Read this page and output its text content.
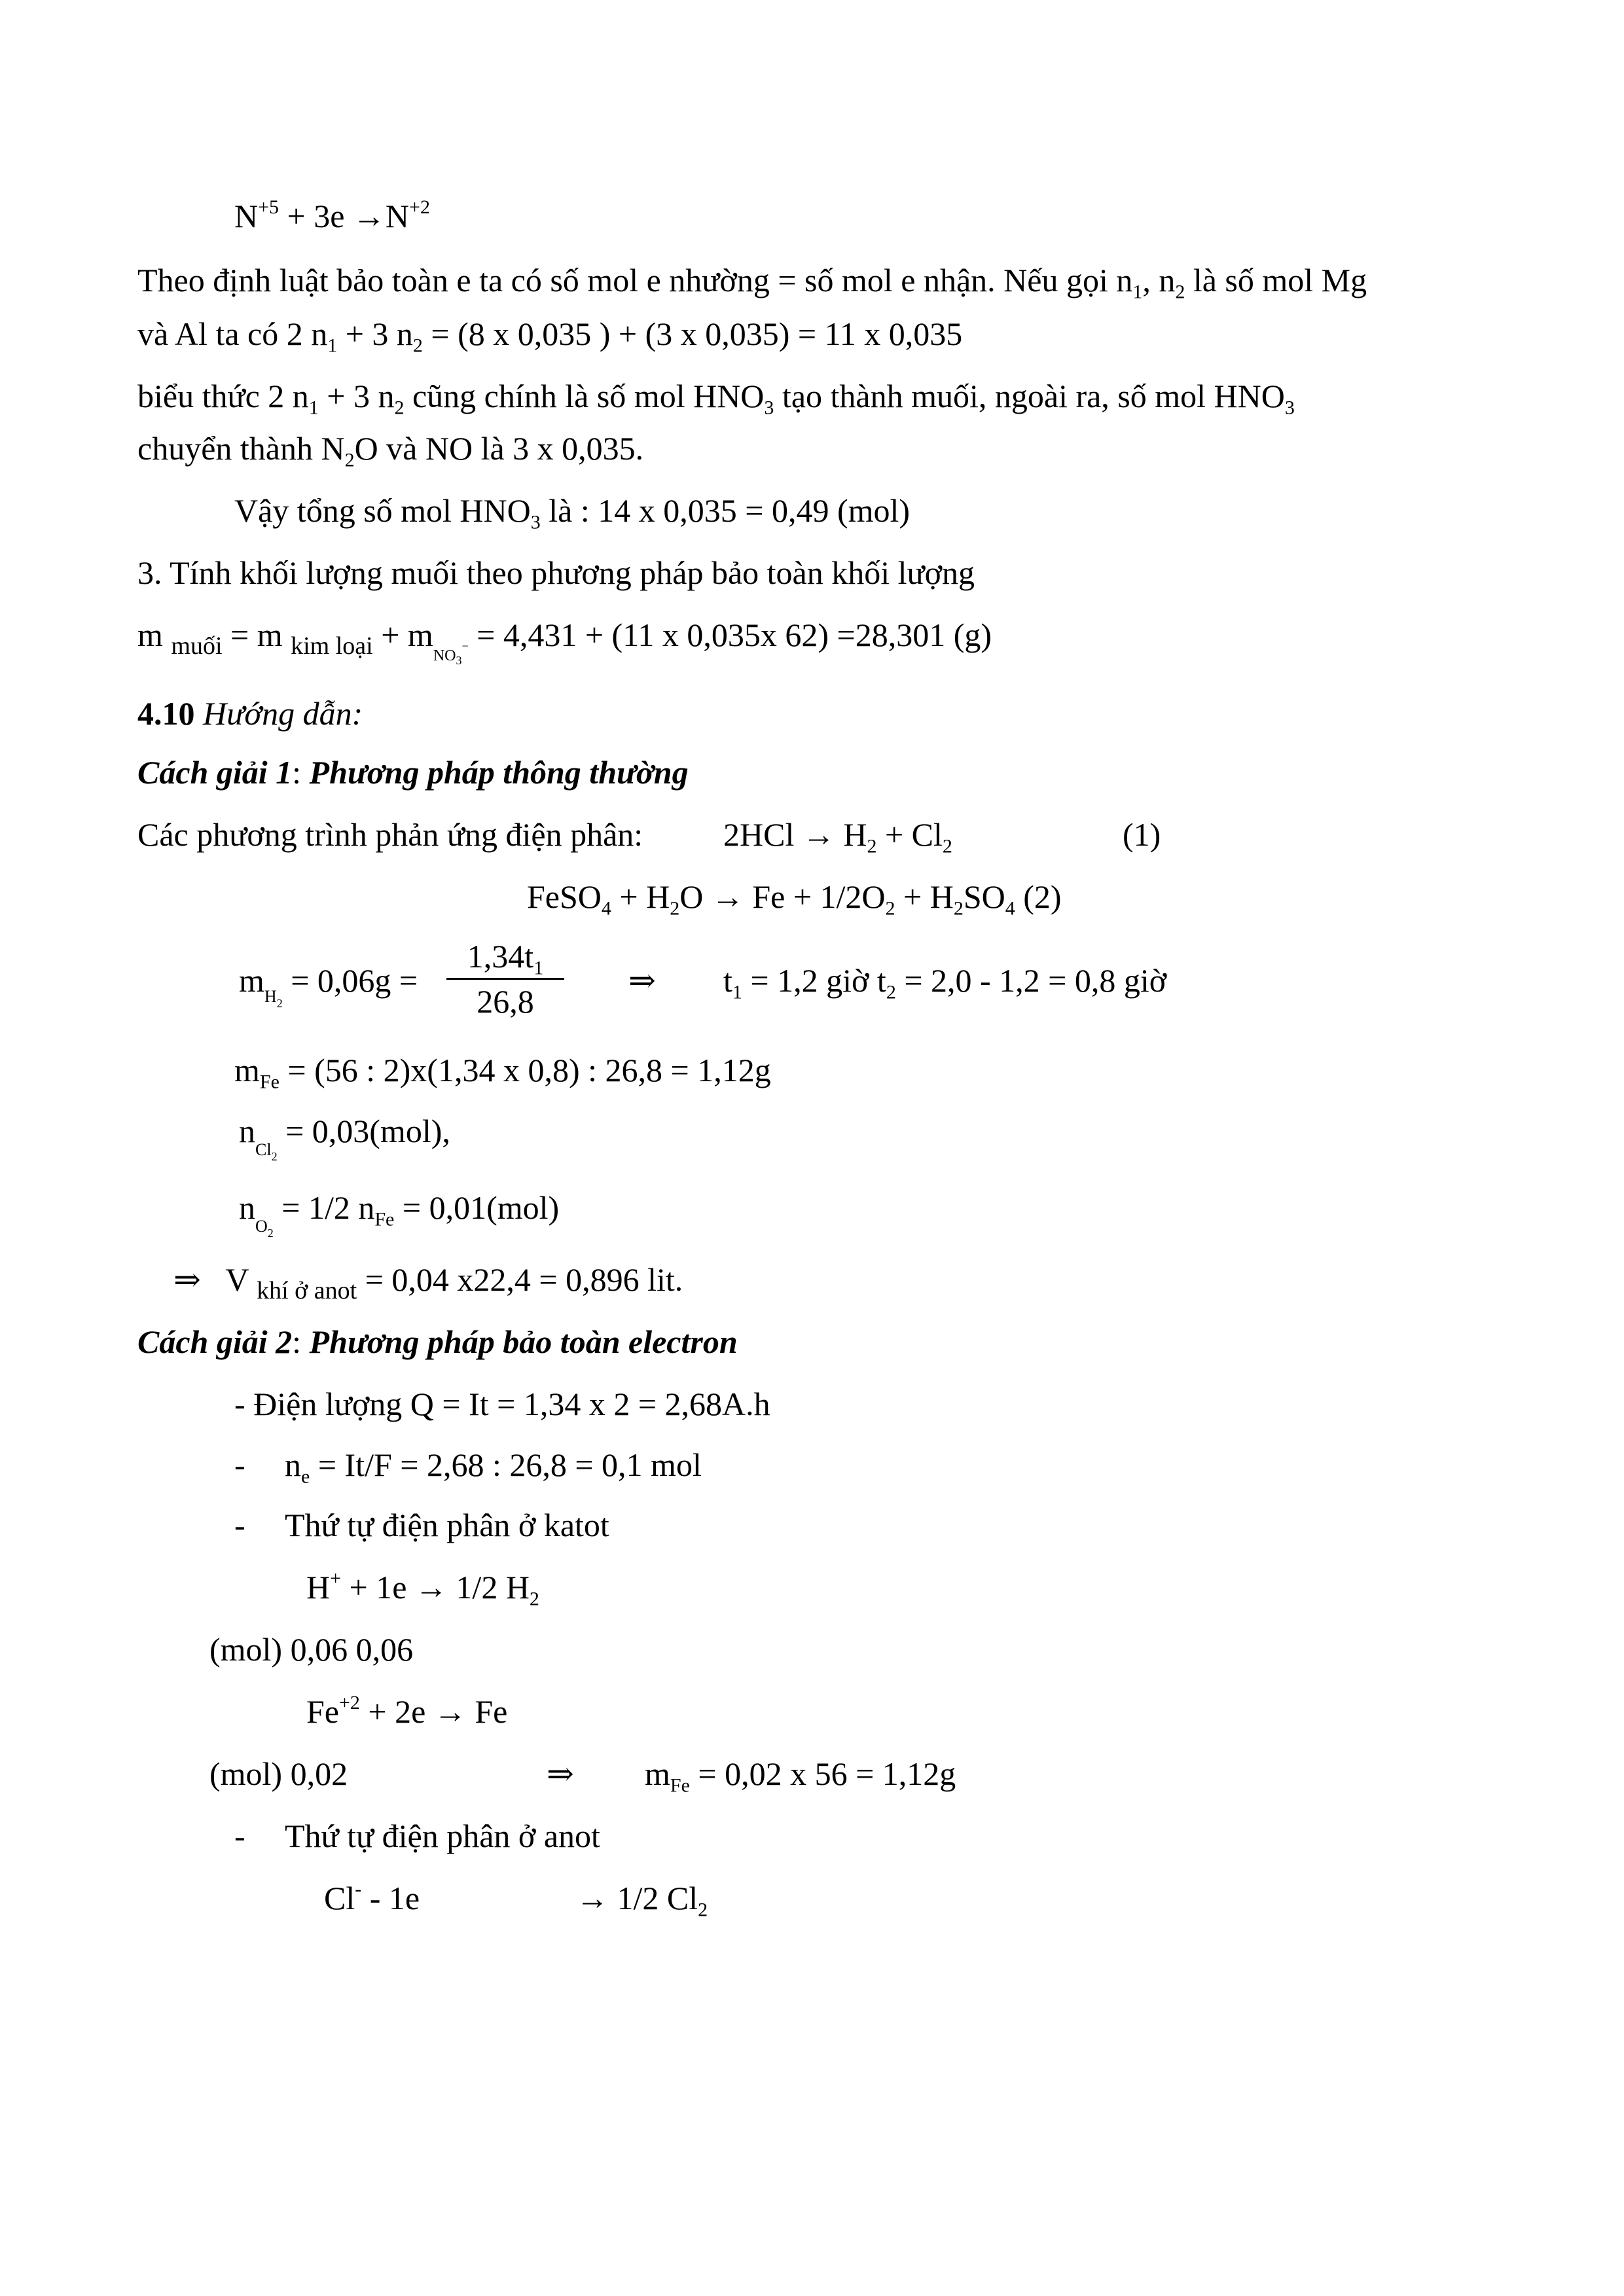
$N^{+5} + 3e \to N^{+2}$
Theo định luật bảo toàn e ta có số mol e nhường = số mol e nhận. Nếu gọi $n_1$, $n_2$ là số mol Mg
và Al ta có 2 $n_1 + 3$ $n_2 = (8$ x 0,035 ) + (3 x 0,035) = 11 x 0,035
biểu thức 2 $n_1 + 3$ $n_2$ cũng chính là số mol $HNO_3$ tạo thành muối, ngoài ra, số mol $HNO_3$
chuyển thành $N_2O$ và NO là 3 x 0,035.
Vậy tổng số mol $HNO_3$ là : 14 x 0,035 = 0,49 (mol)
3. Tính khối lượng muối theo phương pháp bảo toàn khối lượng
m $_{muối}$ = m $_{kim loại} + m_{NO3}- = 4,431 + (11$ x 0,035x 62) =28,301 (g)
4.10 Hướng dẫn:
Cách giải 1: Phương pháp thông thường
Các phương trình phản ứng điện phân: $2HCl \to H_2 + Cl_2$	(1)
FeSO$_4$ + $H_2O \to Fe + 1/2O_2 + H_2SO_4$ (2)
$m_{H2} = 0,06g$ =
$1,34t_1$
26,8
⇒ $t_1 = 1,2$ giờ $t_2 = 2,0 - 1,2 = 0,8$ giờ
$m_{Fe} = (56$ : 2)x(1,34 x 0,8) : 26,8 = 1,12g
$n_{Cl2} = 0,03(mol)$,
$n_{O2} = 1/2$ $n_{Fe} = 0,01(mol)$
⇒ V $_{khí ở anot}$ = 0,04 x22,4 = 0,896 lit.
Cách giải 2: Phương pháp bảo toàn electron
- Điện lượng Q = It = 1,34 x 2 = 2,68A.h
- $n_e = It/F = 2,68$ : 26,8 = 0,1 mol
- Thứ tự điện phân ở katot
H+ + 1e → 1/2 $H_2$
(mol) 0,06 0,06
$Fe^{+2} + 2e \to Fe$
(mol) 0,02	⇒ $m_{Fe} = 0,02$ x 56 = 1,12g
- Thứ tự điện phân ở anot
Cl- - 1e	→ 1/2 $Cl_2$
